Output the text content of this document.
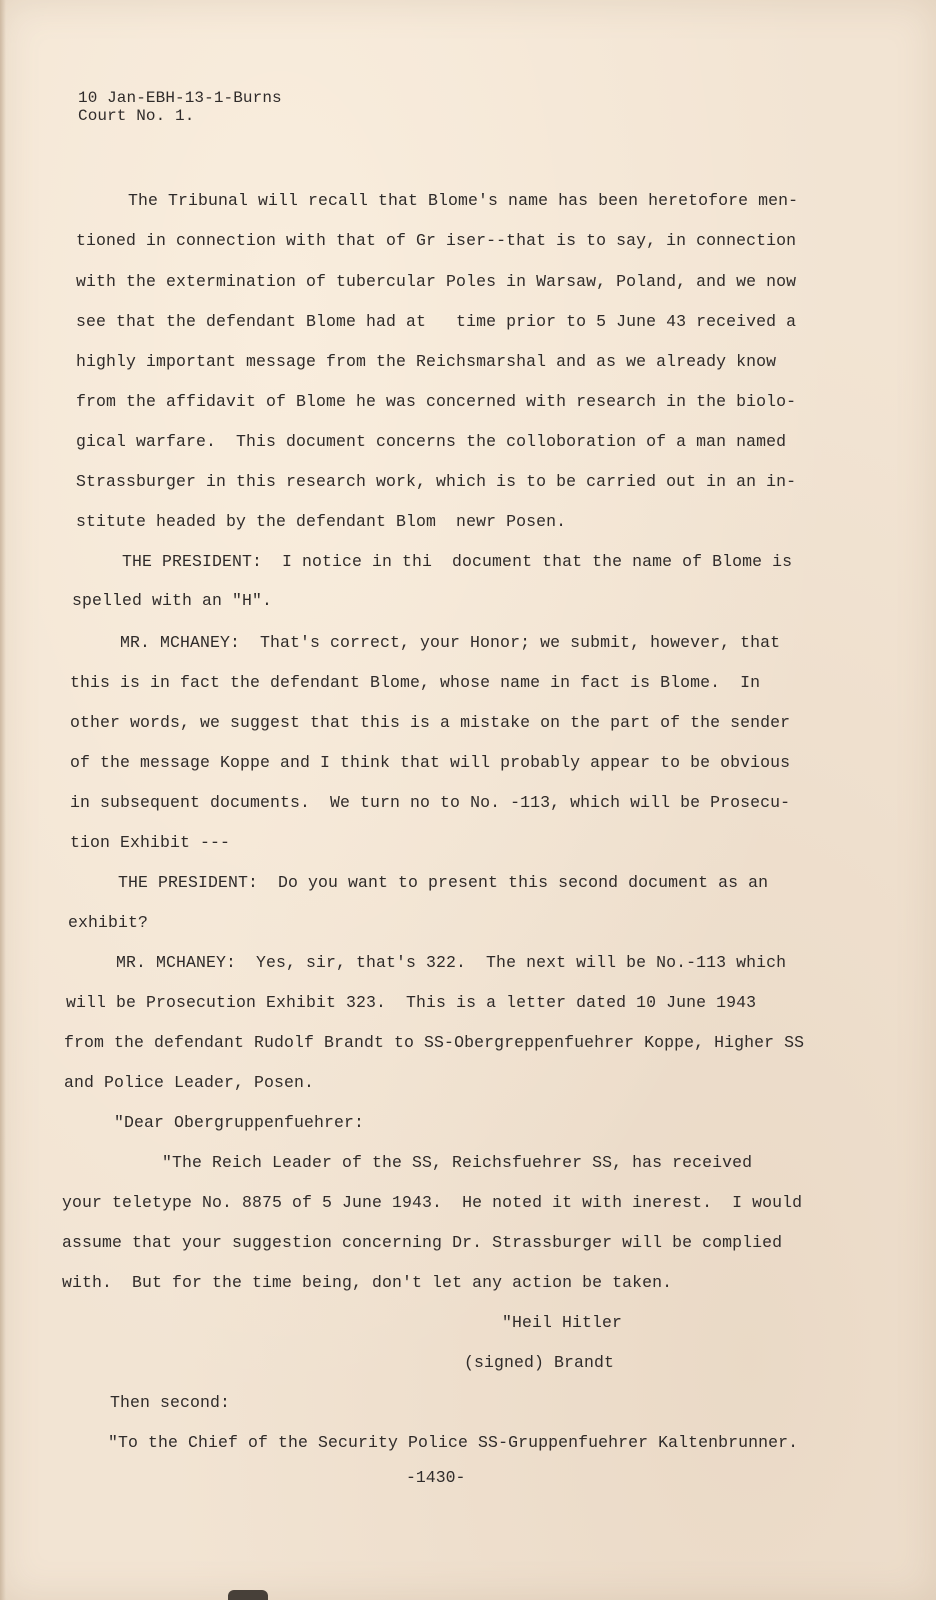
10 Jan-EBH-13-1-Burns
Court No. 1.
The Tribunal will recall that Blome's name has been heretofore men-
tioned in connection with that of Gr iser--that is to say, in connection
with the extermination of tubercular Poles in Warsaw, Poland, and we now
see that the defendant Blome had at   time prior to 5 June 43 received a
highly important message from the Reichsmarshal and as we already know
from the affidavit of Blome he was concerned with research in the biolo-
gical warfare.  This document concerns the colloboration of a man named
Strassburger in this research work, which is to be carried out in an in-
stitute headed by the defendant Blom  newr Posen.
THE PRESIDENT:  I notice in thi  document that the name of Blome is
spelled with an "H".
MR. MCHANEY:  That's correct, your Honor; we submit, however, that
this is in fact the defendant Blome, whose name in fact is Blome.  In
other words, we suggest that this is a mistake on the part of the sender
of the message Koppe and I think that will probably appear to be obvious
in subsequent documents.  We turn no to No. -113, which will be Prosecu-
tion Exhibit ---
THE PRESIDENT:  Do you want to present this second document as an
exhibit?
MR. MCHANEY:  Yes, sir, that's 322.  The next will be No.-113 which
will be Prosecution Exhibit 323.  This is a letter dated 10 June 1943
from the defendant Rudolf Brandt to SS-Obergreppenfuehrer Koppe, Higher SS
and Police Leader, Posen.
"Dear Obergruppenfuehrer:
"The Reich Leader of the SS, Reichsfuehrer SS, has received
your teletype No. 8875 of 5 June 1943.  He noted it with inerest.  I would
assume that your suggestion concerning Dr. Strassburger will be complied
with.  But for the time being, don't let any action be taken.
"Heil Hitler
(signed) Brandt
Then second:
"To the Chief of the Security Police SS-Gruppenfuehrer Kaltenbrunner.
-1430-
